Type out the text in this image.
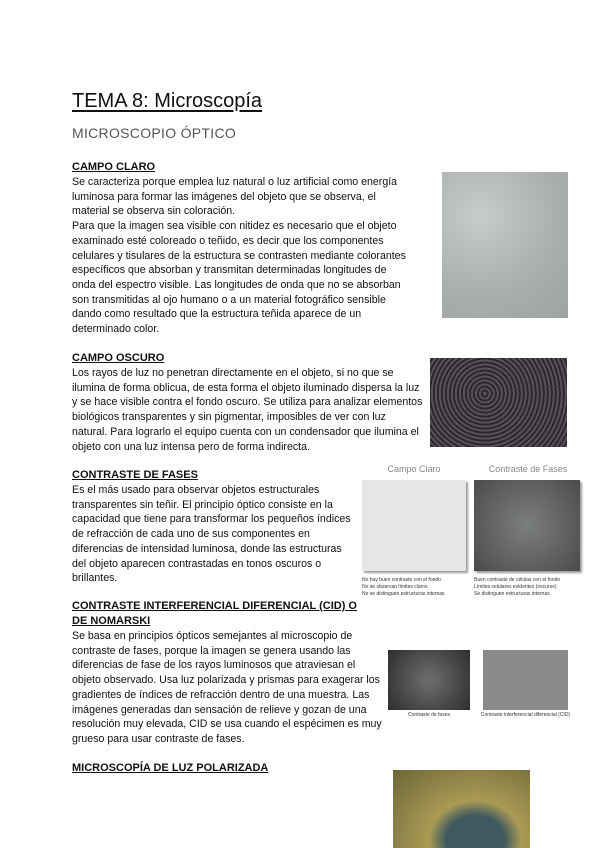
TEMA 8: Microscopía
MICROSCOPIO ÓPTICO
CAMPO CLARO
Se caracteriza porque emplea luz natural o luz artificial como energía luminosa para formar las imágenes del objeto que se observa, el material se observa sin coloración.
Para que la imagen sea visible con nitidez es necesario que el objeto examinado esté coloreado o teñido, es decir que los componentes celulares y tisulares de la estructura se contrasten mediante colorantes específicos que absorban y transmitan determinadas longitudes de onda del espectro visible. Las longitudes de onda que no se absorban son transmitidas al ojo humano o a un material fotográfico sensible dando como resultado que la estructura teñida aparece de un determinado color.
CAMPO OSCURO
Los rayos de luz no penetran directamente en el objeto, si no que se ilumina de forma oblicua, de esta forma el objeto iluminado dispersa la luz y se hace visible contra el fondo oscuro. Se utiliza para analizar elementos biológicos transparentes y sin pigmentar, imposibles de ver con luz natural. Para lograrlo el equipo cuenta con un condensador que ilumina el objeto con una luz intensa pero de forma indirecta.
CONTRASTE DE FASES
Es el más usado para observar objetos estructurales transparentes sin teñir. El principio óptico consiste en la capacidad que tiene para transformar los pequeños índices de refracción de cada uno de sus componentes en diferencias de intensidad luminosa, donde las estructuras del objeto aparecen contrastadas en tonos oscuros o brillantes.
Campo Claro	Contraste de Fases
No hay buen contraste con el fondo
No se observan límites claros
No se distinguen estructuras internas
Buen contraste de células con el fondo
Límites celulares evidentes (oscuros)
Se distinguen estructuras internas
CONTRASTE INTERFERENCIAL DIFERENCIAL (CID) O DE NOMARSKI
Se basa en principios ópticos semejantes al microscopio de contraste de fases, porque la imagen se genera usando las diferencias de fase de los rayos luminosos que atraviesan el objeto observado. Usa luz polarizada y prismas para exagerar los gradientes de índices de refracción dentro de una muestra. Las imágenes generadas dan sensación de relieve y gozan de una resolución muy elevada, CID se usa cuando el espécimen es muy grueso para usar contraste de fases.
Contraste de fases	Contraste interferencial diferencial (CID)
MICROSCOPÍA DE LUZ POLARIZADA
